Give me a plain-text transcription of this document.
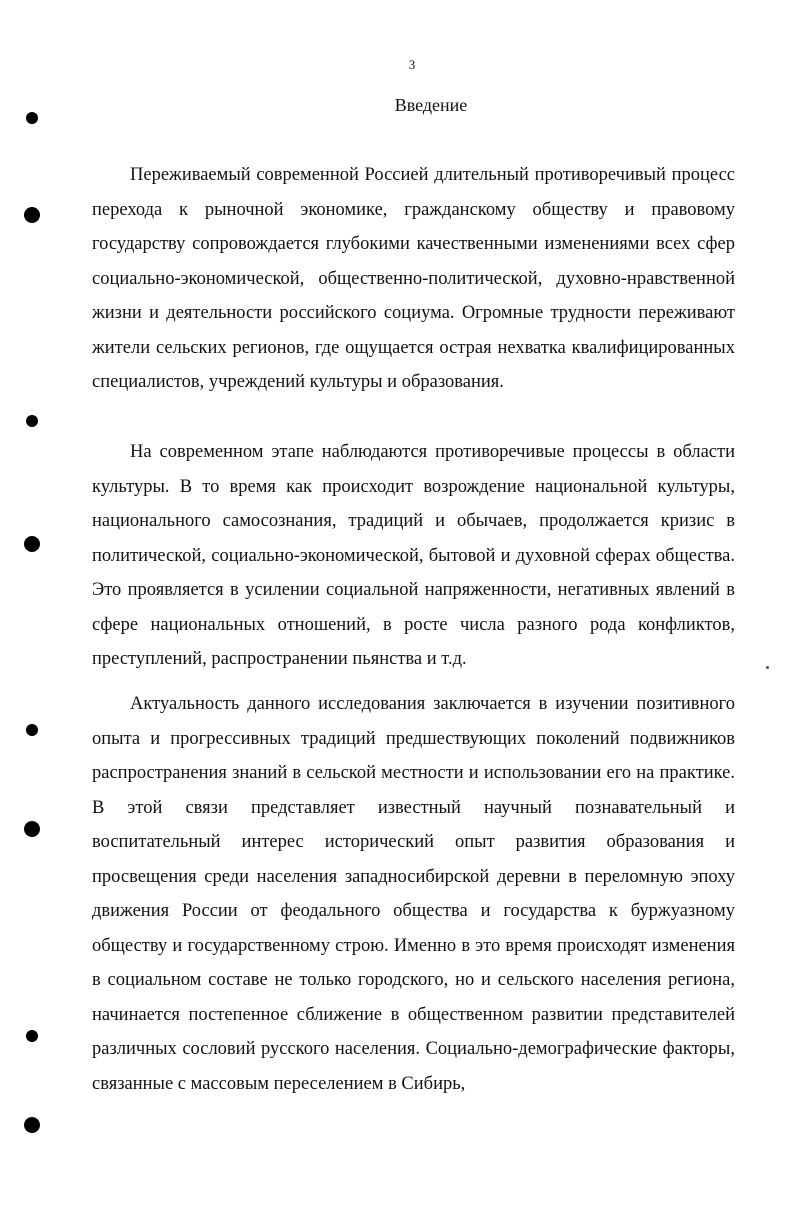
3
Введение

Переживаемый современной Россией длительный противоречивый процесс перехода к рыночной экономике, гражданскому обществу и правовому государству сопровождается глубокими качественными изменениями всех сфер социально-экономической, общественно-политической, духовно-нравственной жизни и деятельности российского социума. Огромные трудности переживают жители сельских регионов, где ощущается острая нехватка квалифицированных специалистов, учреждений культуры и образования.

На современном этапе наблюдаются противоречивые процессы в области культуры. В то время как происходит возрождение национальной культуры, национального самосознания, традиций и обычаев, продолжается кризис в политической, социально-экономической, бытовой и духовной сферах общества. Это проявляется в усилении социальной напряженности, негативных явлений в сфере национальных отношений, в росте числа разного рода конфликтов, преступлений, распространении пьянства и т.д.

Актуальность данного исследования заключается в изучении позитивного опыта и прогрессивных традиций предшествующих поколений подвижников распространения знаний в сельской местности и использовании его на практике. В этой связи представляет известный научный познавательный и воспитательный интерес исторический опыт развития образования и просвещения среди населения западносибирской деревни в переломную эпоху движения России от феодального общества и государства к буржуазному обществу и государственному строю. Именно в это время происходят изменения в социальном составе не только городского, но и сельского населения региона, начинается постепенное сближение в общественном развитии представителей различных сословий русского населения. Социально-демографические факторы, связанные с массовым переселением в Сибирь,
